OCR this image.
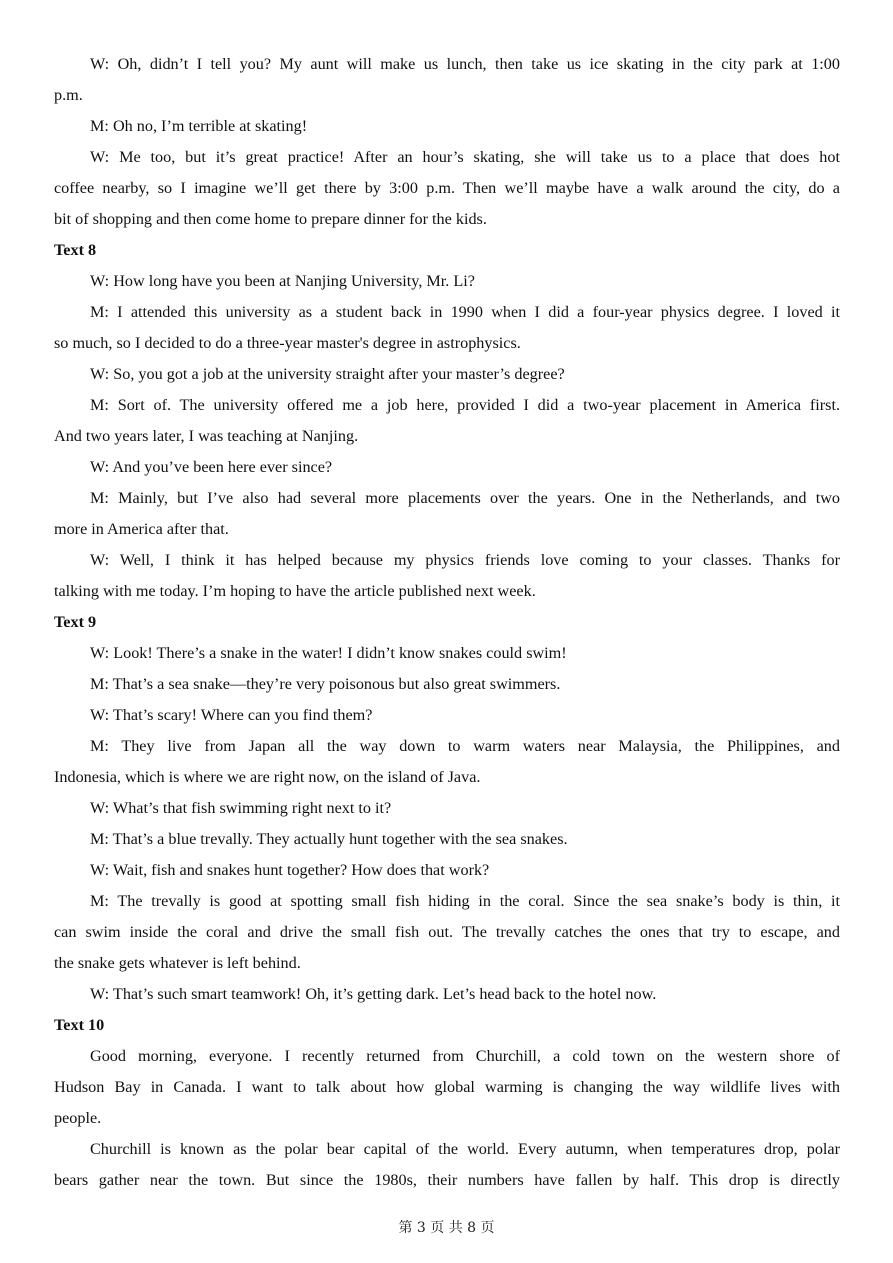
W: Oh, didn’t I tell you? My aunt will make us lunch, then take us ice skating in the city park at 1:00
p.m.
M: Oh no, I’m terrible at skating!
W: Me too, but it’s great practice! After an hour’s skating, she will take us to a place that does hot
coffee nearby, so I imagine we’ll get there by 3:00 p.m. Then we’ll maybe have a walk around the city, do a
bit of shopping and then come home to prepare dinner for the kids.
Text 8
W: How long have you been at Nanjing University, Mr. Li?
M: I attended this university as a student back in 1990 when I did a four-year physics degree. I loved it
so much, so I decided to do a three-year master's degree in astrophysics.
W: So, you got a job at the university straight after your master’s degree?
M: Sort of. The university offered me a job here, provided I did a two-year placement in America first.
And two years later, I was teaching at Nanjing.
W: And you’ve been here ever since?
M: Mainly, but I’ve also had several more placements over the years. One in the Netherlands, and two
more in America after that.
W: Well, I think it has helped because my physics friends love coming to your classes. Thanks for
talking with me today. I’m hoping to have the article published next week.
Text 9
W: Look! There’s a snake in the water! I didn’t know snakes could swim!
M: That’s a sea snake—they’re very poisonous but also great swimmers.
W: That’s scary! Where can you find them?
M: They live from Japan all the way down to warm waters near Malaysia, the Philippines, and
Indonesia, which is where we are right now, on the island of Java.
W: What’s that fish swimming right next to it?
M: That’s a blue trevally. They actually hunt together with the sea snakes.
W: Wait, fish and snakes hunt together? How does that work?
M: The trevally is good at spotting small fish hiding in the coral. Since the sea snake’s body is thin, it
can swim inside the coral and drive the small fish out. The trevally catches the ones that try to escape, and
the snake gets whatever is left behind.
W: That’s such smart teamwork! Oh, it’s getting dark. Let’s head back to the hotel now.
Text 10
Good morning, everyone. I recently returned from Churchill, a cold town on the western shore of
Hudson Bay in Canada. I want to talk about how global warming is changing the way wildlife lives with
people.
Churchill is known as the polar bear capital of the world. Every autumn, when temperatures drop, polar
bears gather near the town. But since the 1980s, their numbers have fallen by half. This drop is directly
第 3 页 共 8 页
